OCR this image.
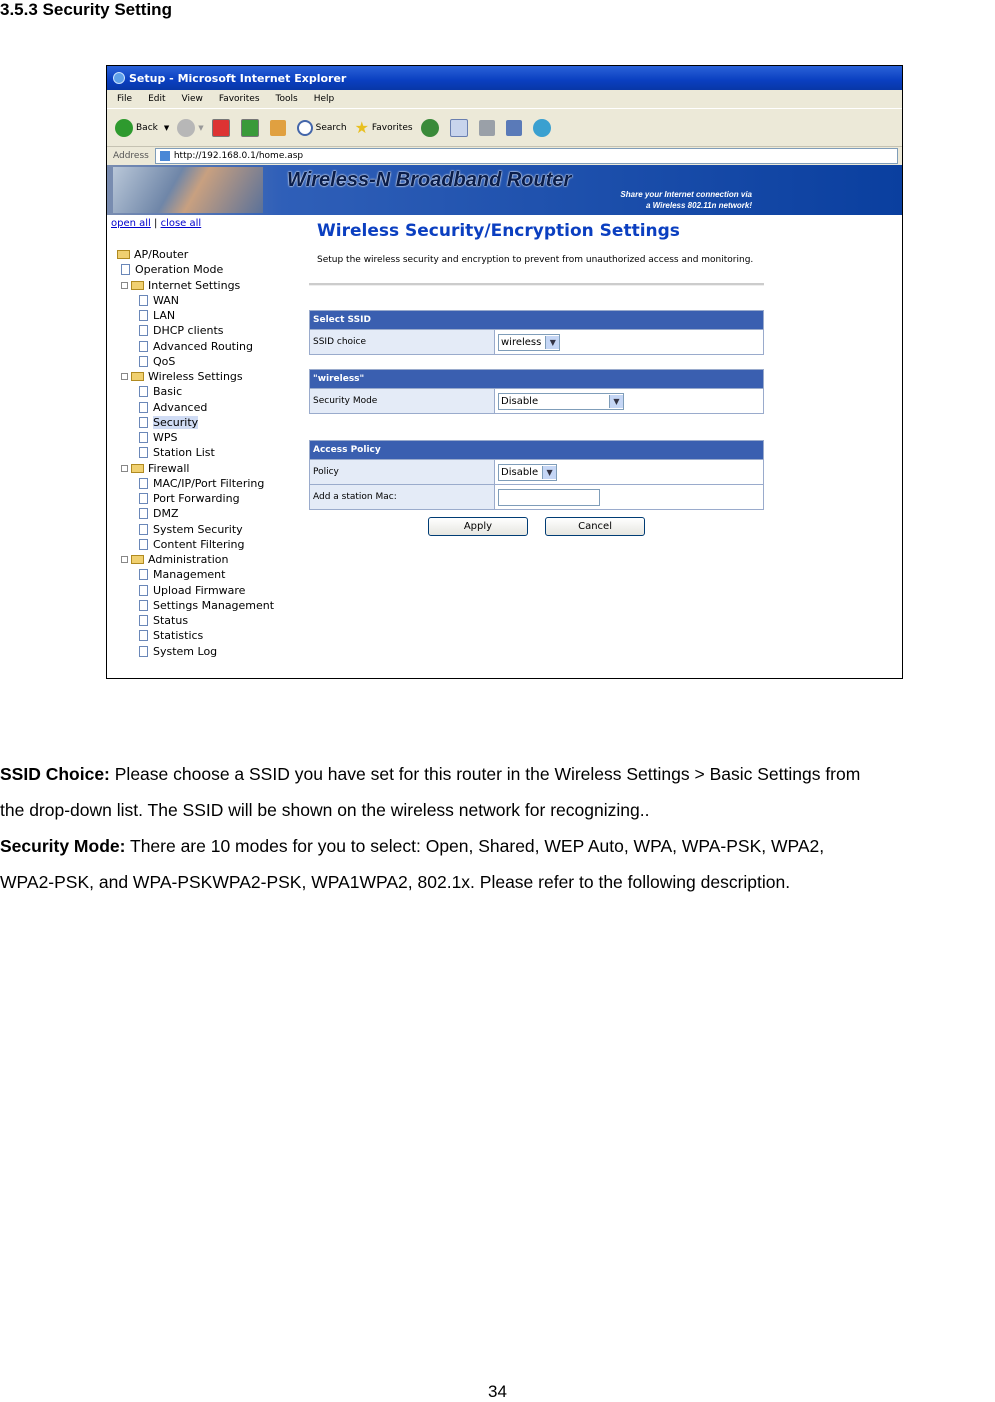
3.5.3 Security Setting
Setup - Microsoft Internet Explorer
File Edit View Favorites Tools Help
Back ▼	▼	Search ★ Favorites
Address	http://192.168.0.1/home.asp
Wireless-N Broadband Router
Share your Internet connection via
a Wireless 802.11n network!
open all | close all
AP/Router
Operation Mode
Internet Settings
WAN
LAN
DHCP clients
Advanced Routing
QoS
Wireless Settings
Basic
Advanced
Security
WPS
Station List
Firewall
MAC/IP/Port Filtering
Port Forwarding
DMZ
System Security
Content Filtering
Administration
Management
Upload Firmware
Settings Management
Status
Statistics
System Log
Wireless Security/Encryption Settings
Setup the wireless security and encryption to prevent from unauthorized access and monitoring.
Select SSID
SSID choice	wireless	▼
"wireless"
Security Mode	Disable	▼
Access Policy	
Policy	Disable ▼

Add a station Mac:	
Apply	Cancel
SSID Choice: Please choose a SSID you have set for this router in the Wireless Settings > Basic Settings from
the drop-down list. The SSID will be shown on the wireless network for recognizing..
Security Mode: There are 10 modes for you to select: Open, Shared, WEP Auto, WPA, WPA-PSK, WPA2,
WPA2-PSK, and WPA-PSKWPA2-PSK, WPA1WPA2, 802.1x. Please refer to the following description.
34
